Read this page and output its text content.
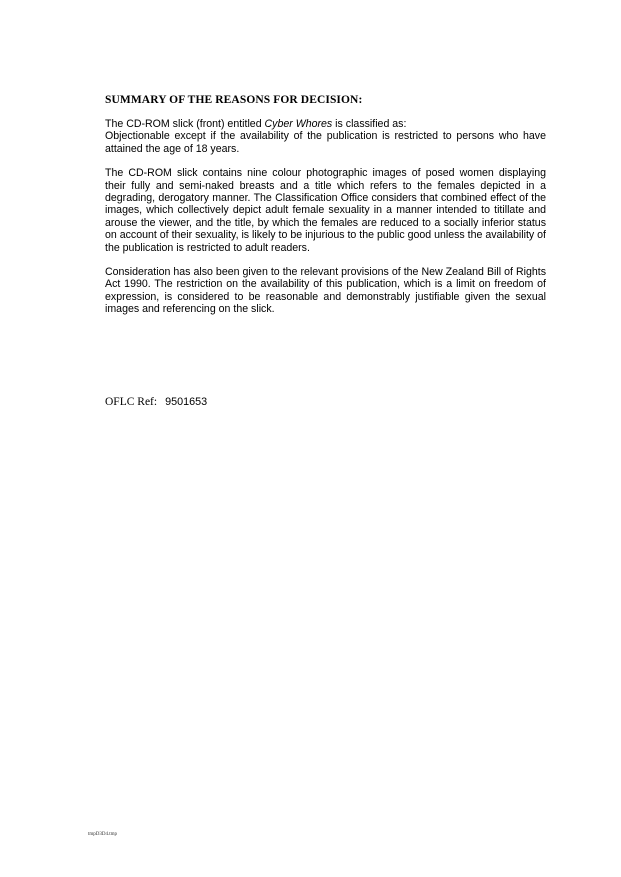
SUMMARY OF THE REASONS FOR DECISION:
The CD-ROM slick (front) entitled Cyber Whores is classified as:
Objectionable except if the availability of the publication is restricted to persons who have attained the age of 18 years.
The CD-ROM slick contains nine colour photographic images of posed women displaying their fully and semi-naked breasts and a title which refers to the females depicted in a degrading, derogatory manner. The Classification Office considers that combined effect of the images, which collectively depict adult female sexuality in a manner intended to titillate and arouse the viewer, and the title, by which the females are reduced to a socially inferior status on account of their sexuality, is likely to be injurious to the public good unless the availability of the publication is restricted to adult readers.
Consideration has also been given to the relevant provisions of the New Zealand Bill of Rights Act 1990. The restriction on the availability of this publication, which is a limit on freedom of expression, is considered to be reasonable and demonstrably justifiable given the sexual images and referencing on the slick.
OFLC Ref: 9501653
tmpD3D4.tmp
